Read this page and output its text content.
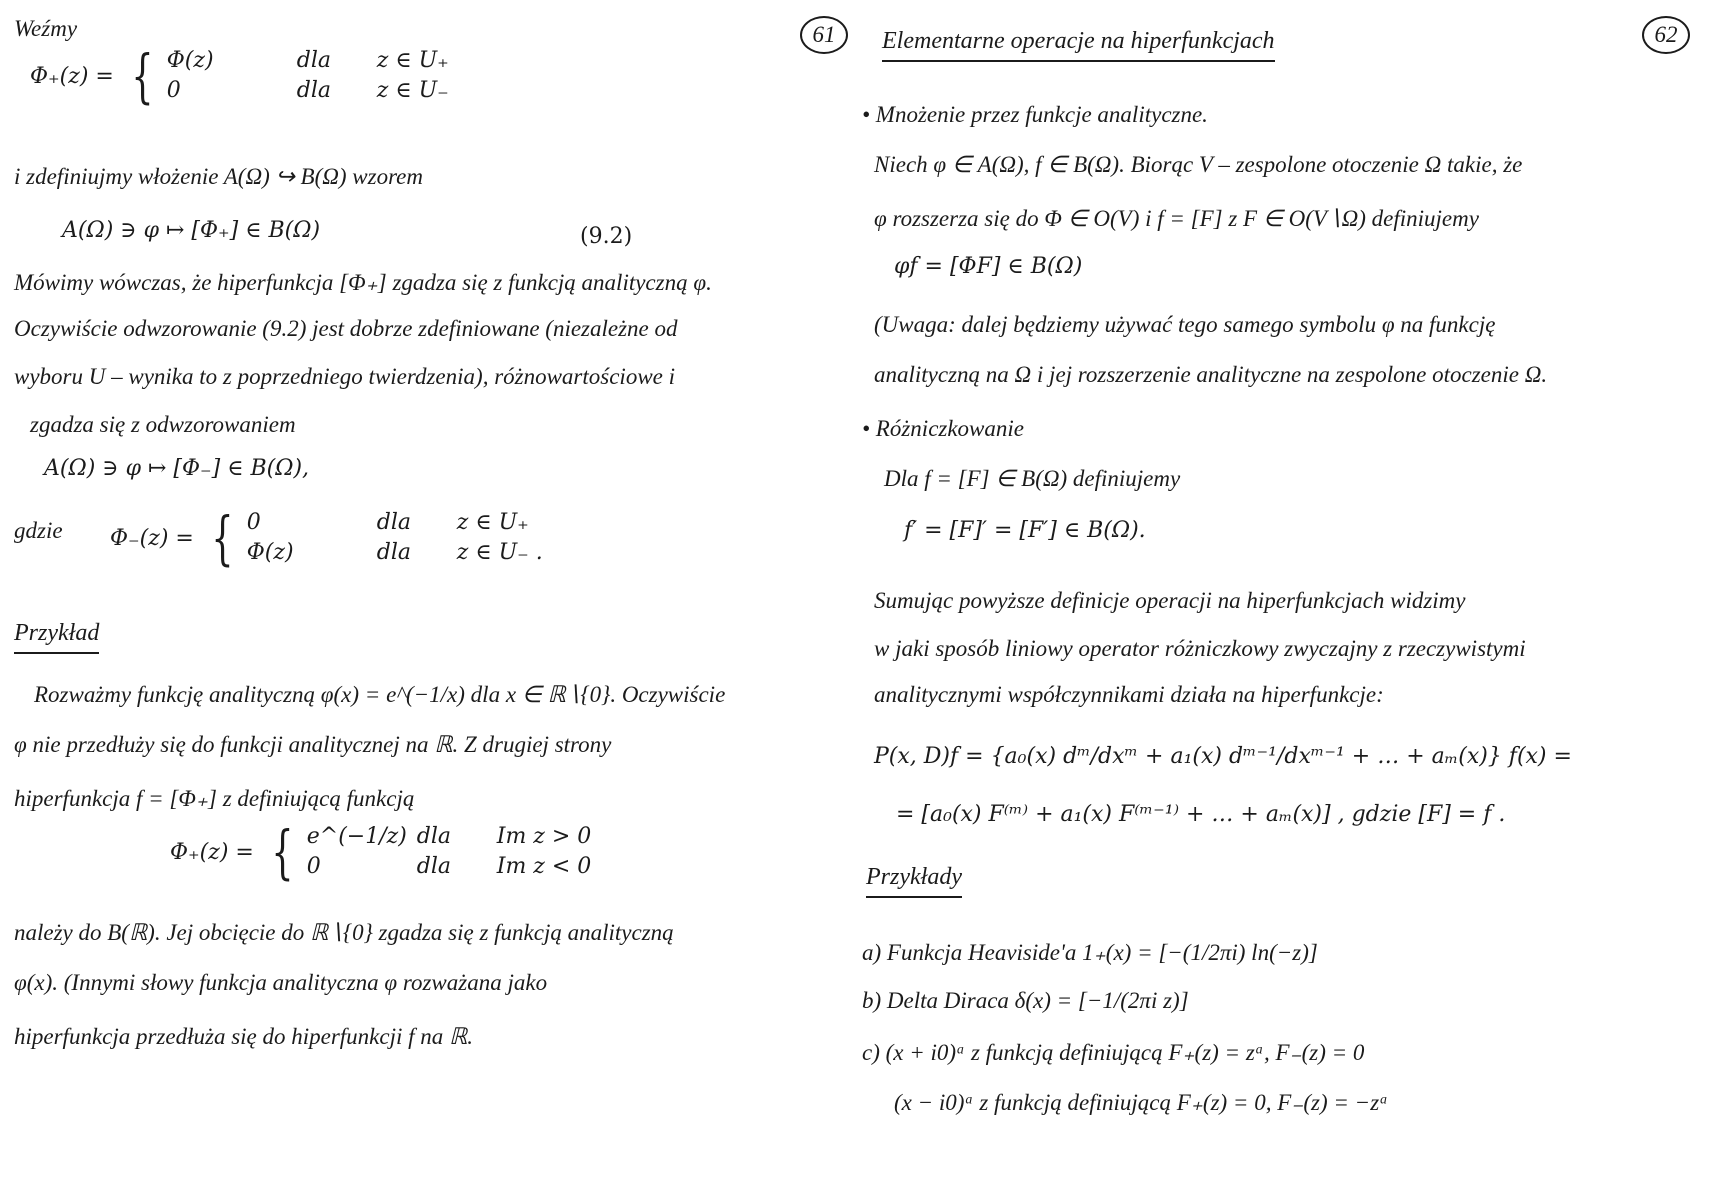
61
Weźmy
Φ₊(z) = { Φ(z)	dla z ∈ U₊
0	dla z ∈ U₋
i zdefiniujmy włożenie A(Ω) ↪ B(Ω) wzorem
A(Ω) ∋ φ ↦ [Φ₊] ∈ B(Ω)	(9.2)
Mówimy wówczas, że hiperfunkcja [Φ₊] zgadza się z funkcją analityczną φ.
Oczywiście odwzorowanie (9.2) jest dobrze zdefiniowane (niezależne od
wyboru U – wynika to z poprzedniego twierdzenia), różnowartościowe i
zgadza się z odwzorowaniem
A(Ω) ∋ φ ↦ [Φ₋] ∈ B(Ω),
gdzie Φ₋(z) = { 0	dla z ∈ U₊
Φ(z)	dla z ∈ U₋ .
Przykład
Rozważmy funkcję analityczną φ(x) = e^(−1/x) dla x ∈ ℝ∖{0}. Oczywiście
φ nie przedłuży się do funkcji analitycznej na ℝ. Z drugiej strony
hiperfunkcja f = [Φ₊] z definiującą funkcją
Φ₊(z) = { e^(−1/z) dla Im z > 0
0	dla Im z < 0
należy do B(ℝ). Jej obcięcie do ℝ∖{0} zgadza się z funkcją analityczną
φ(x). (Innymi słowy funkcja analityczna φ rozważana jako
hiperfunkcja przedłuża się do hiperfunkcji f na ℝ.
62
Elementarne operacje na hiperfunkcjach
• Mnożenie przez funkcje analityczne.
Niech φ ∈ A(Ω), f ∈ B(Ω). Biorąc V – zespolone otoczenie Ω takie, że
φ rozszerza się do Φ ∈ O(V) i f = [F] z F ∈ O(V∖Ω) definiujemy
φf = [ΦF] ∈ B(Ω)
(Uwaga: dalej będziemy używać tego samego symbolu φ na funkcję
analityczną na Ω i jej rozszerzenie analityczne na zespolone otoczenie Ω.
• Różniczkowanie
Dla f = [F] ∈ B(Ω) definiujemy
f′ = [F]′ = [F′] ∈ B(Ω).
Sumując powyższe definicje operacji na hiperfunkcjach widzimy
w jaki sposób liniowy operator różniczkowy zwyczajny z rzeczywistymi
analitycznymi współczynnikami działa na hiperfunkcje:
P(x, D)f = {a₀(x) dᵐ/dxᵐ + a₁(x) dᵐ⁻¹/dxᵐ⁻¹ + … + aₘ(x)} f(x) =
= [a₀(x) F⁽ᵐ⁾ + a₁(x) F⁽ᵐ⁻¹⁾ + … + aₘ(x)] , gdzie [F] = f .
Przykłady
a) Funkcja Heaviside'a 1₊(x) = [−(1/2πi) ln(−z)]
b) Delta Diraca δ(x) = [−1/(2πi z)]
c) (x + i0)ᵃ z funkcją definiującą F₊(z) = zᵃ, F₋(z) = 0
(x − i0)ᵃ z funkcją definiującą F₊(z) = 0, F₋(z) = −zᵃ
